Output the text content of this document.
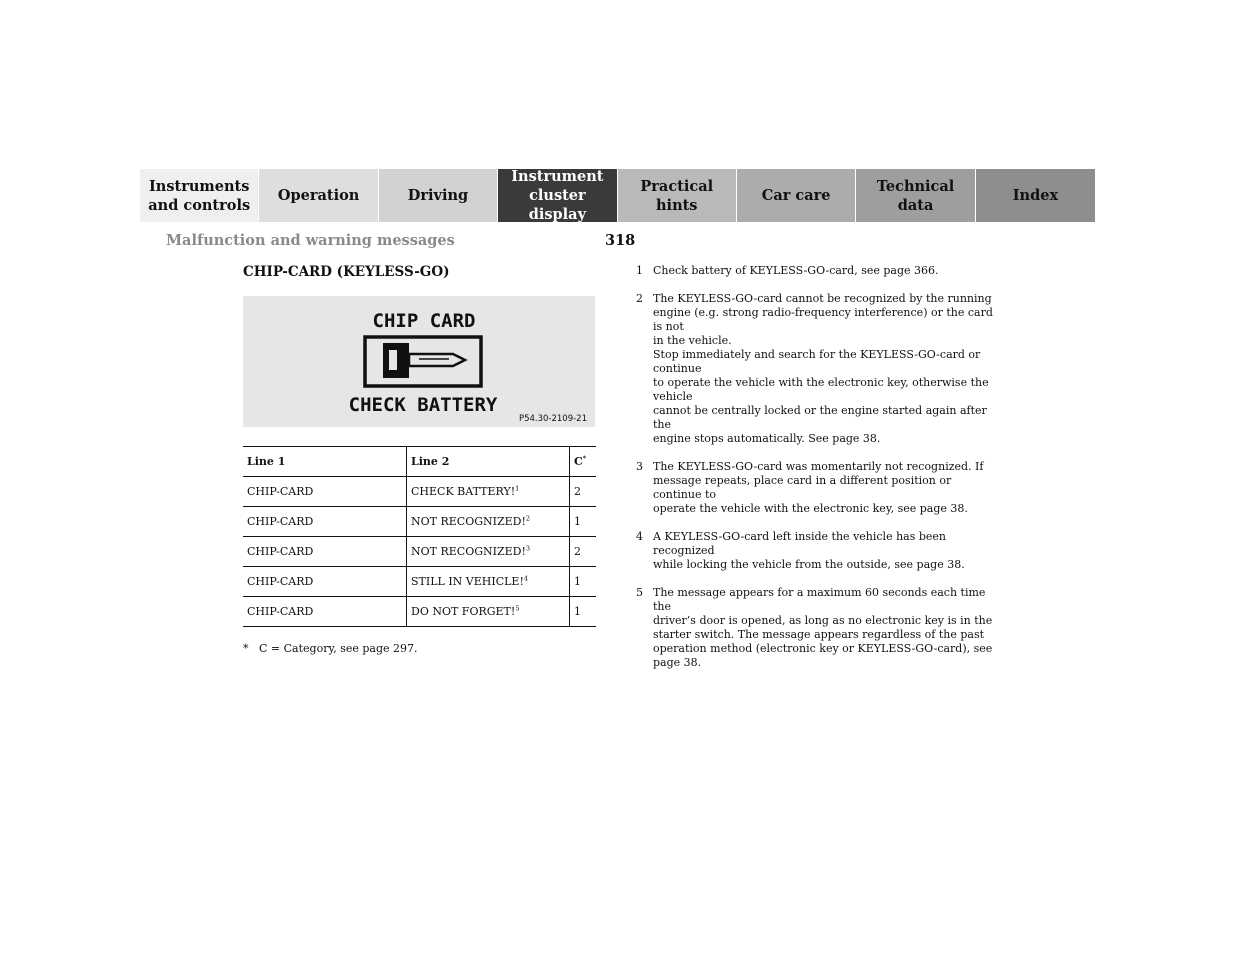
Instruments
and controls
Operation	Driving
Instrument
cluster display
Practical hints
Car care
Technical
data
Index
Malfunction and warning messages	318
CHIP-CARD (KEYLESS-GO)
CHIP CARD
CHECK BATTERY
P54.30-2109-21
Line 1	Line 2	C*
CHIP-CARD	CHECK BATTERY!$^1$	2
CHIP-CARD	NOT RECOGNIZED!$^2$	1
CHIP-CARD	NOT RECOGNIZED!$^3$	2
CHIP-CARD	STILL IN VEHICLE!$^4$	1
CHIP-CARD	DO NOT FORGET!$^5$	1
* C = Category, see page 297.
1 Check battery of KEYLESS-GO-card, see page 366.
2 The KEYLESS-GO-card cannot be recognized by the running
engine (e.g. strong radio-frequency interference) or the card is not
in the vehicle.
Stop immediately and search for the KEYLESS-GO-card or continue
to operate the vehicle with the electronic key, otherwise the vehicle
cannot be centrally locked or the engine started again after the
engine stops automatically. See page 38.
3 The KEYLESS-GO-card was momentarily not recognized. If
message repeats, place card in a different position or continue to
operate the vehicle with the electronic key, see page 38.
4 A KEYLESS-GO-card left inside the vehicle has been recognized
while locking the vehicle from the outside, see page 38.
5 The message appears for a maximum 60 seconds each time the
driver’s door is opened, as long as no electronic key is in the
starter switch. The message appears regardless of the past
operation method (electronic key or KEYLESS-GO-card), see
page 38.
